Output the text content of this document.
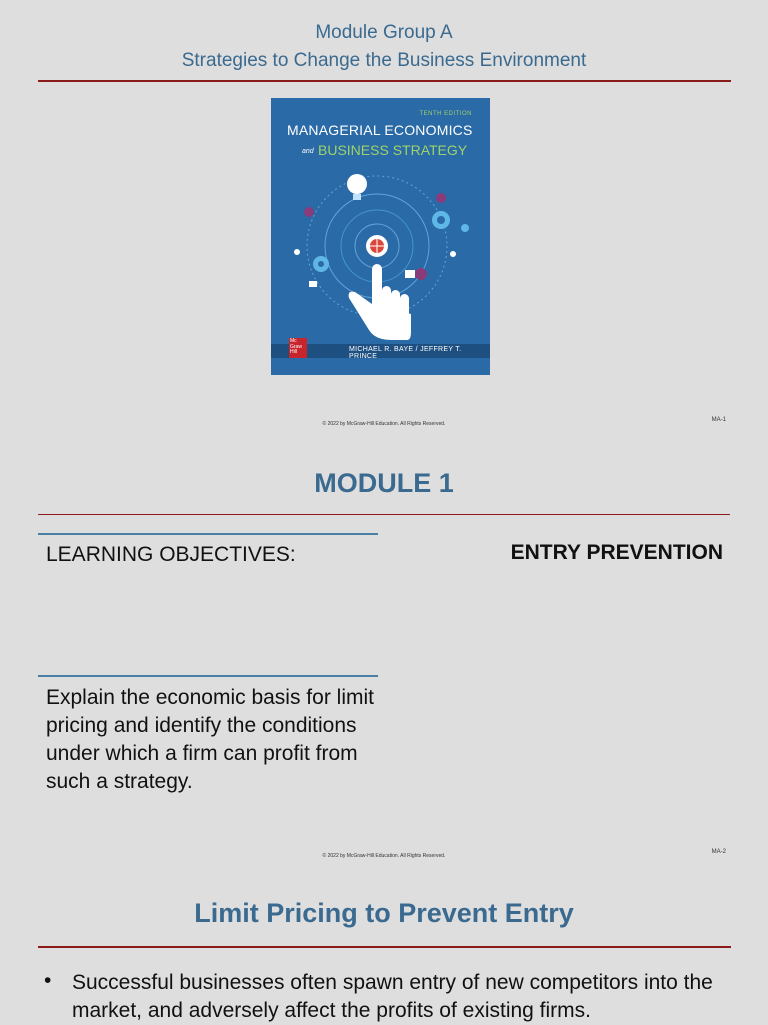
Module Group A
Strategies to Change the Business Environment
TENTH EDITION
MANAGERIAL ECONOMICS
and BUSINESS STRATEGY
MICHAEL R. BAYE / JEFFREY T. PRINCE
Mc
Graw
Hill
© 2022 by McGraw-Hill Education. All Rights Reserved.
MA-1
MODULE 1
LEARNING OBJECTIVES:	ENTRY PREVENTION
Explain the economic basis for limit pricing and identify the conditions under which a firm can profit from such a strategy.
© 2022 by McGraw-Hill Education. All Rights Reserved.
MA-2
Limit Pricing to Prevent Entry
• Successful businesses often spawn entry of new competitors into the market, and adversely affect the profits of existing firms.
